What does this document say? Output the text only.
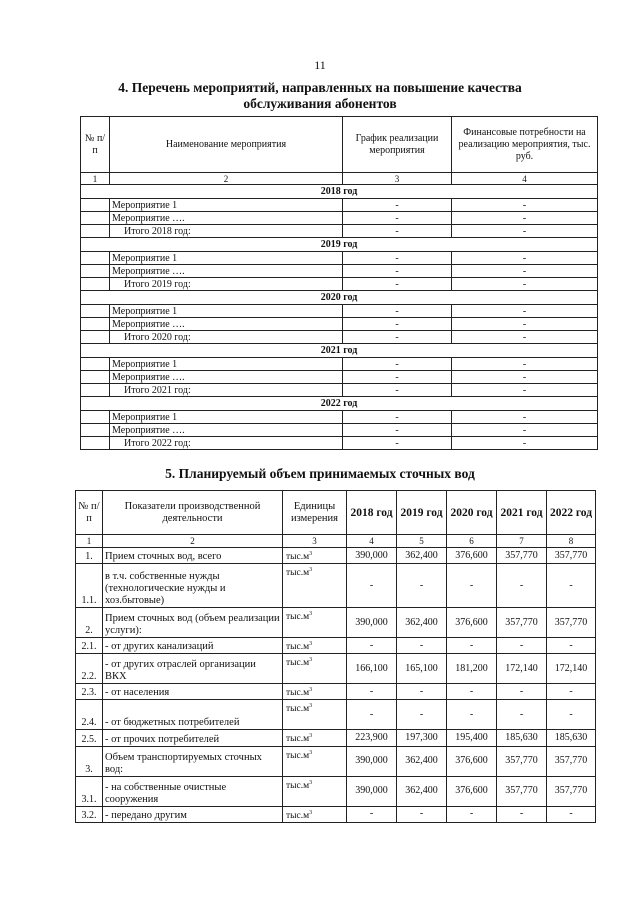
11
4. Перечень мероприятий, направленных на повышение качества
обслуживания абонентов
№ п/п	Наименование мероприятия	График реализации мероприятия	Финансовые потребности на реализацию мероприятия, тыс. руб.
1	2	3	4
2018 год			
	Мероприятие 1	-	-
	Мероприятие ….	-	-
	Итого 2018 год:	-	-
2019 год			
	Мероприятие 1	-	-
	Мероприятие ….	-	-
	Итого 2019 год:	-	-
2020 год			
	Мероприятие 1	-	-
	Мероприятие ….	-	-
	Итого 2020 год:	-	-
2021 год			
	Мероприятие 1	-	-
	Мероприятие ….	-	-
	Итого 2021 год:	-	-
2022 год			
	Мероприятие 1	-	-
	Мероприятие ….	-	-
	Итого 2022 год:	-	-
5. Планируемый объем принимаемых сточных вод
№ п/п	Показатели производственной деятельности	Единицы измерения	2018 год	2019 год	2020 год	2021 год	2022 год
1	2	3	4	5	6	7	8
1.	Прием сточных вод, всего	$тыс.м^3$	390,000	362,400	376,600	357,770	357,770
1.1.	в т.ч. собственные нужды (технологические нужды и хоз.бытовые)	$тыс.м^3$	-	-	-	-	-
2.	Прием сточных вод (объем реализации услуги):	$тыс.м^3$	390,000	362,400	376,600	357,770	357,770
2.1.	- от других канализаций	$тыс.м^3$	-	-	-	-	-
2.2.	- от других отраслей организации ВКХ	$тыс.м^3$	166,100	165,100	181,200	172,140	172,140
2.3.	- от населения	$тыс.м^3$	-	-	-	-	-
2.4.	- от бюджетных потребителей	$тыс.м^3$	-	-	-	-	-
2.5.	- от прочих потребителей	$тыс.м^3$	223,900	197,300	195,400	185,630	185,630
3.	Объем транспортируемых сточных вод:	$тыс.м^3$	390,000	362,400	376,600	357,770	357,770
3.1.	- на собственные очистные сооружения	$тыс.м^3$	390,000	362,400	376,600	357,770	357,770
3.2.	- передано другим	$тыс.м^3$	-	-	-	-	-
